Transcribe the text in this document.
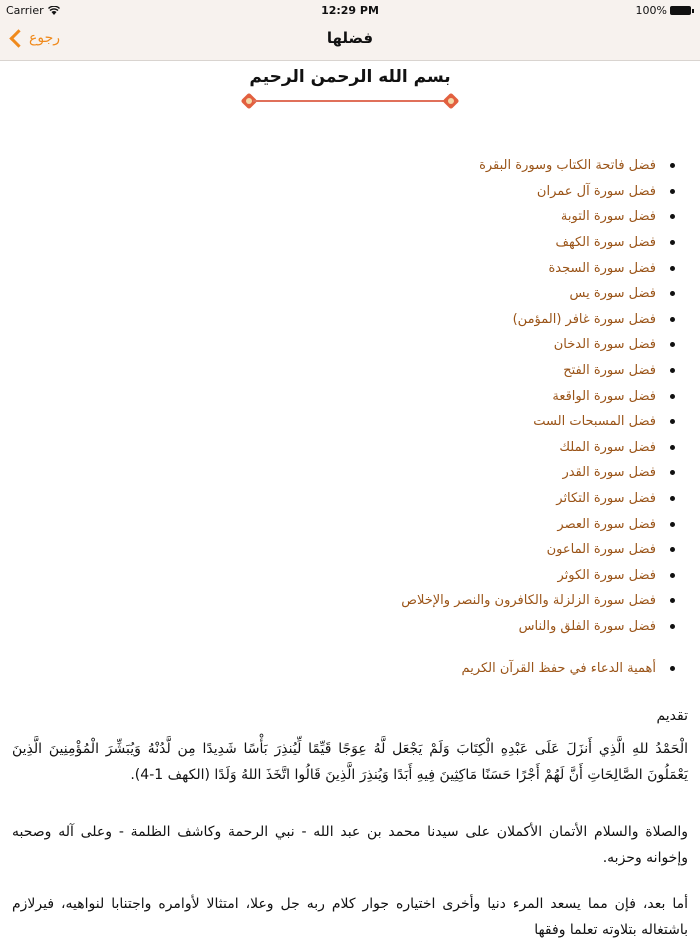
Carrier	12:29 PM	100%
رجوع	فضلها
بسم الله الرحمن الرحيم
فضل فاتحة الكتاب وسورة البقرة
فضل سورة آل عمران
فضل سورة التوبة
فضل سورة الكهف
فضل سورة السجدة
فضل سورة يس
فضل سورة غافر (المؤمن)
فضل سورة الدخان
فضل سورة الفتح
فضل سورة الواقعة
فضل المسبحات الست
فضل سورة الملك
فضل سورة القدر
فضل سورة التكاثر
فضل سورة العصر
فضل سورة الماعون
فضل سورة الكوثر
فضل سورة الزلزلة والكافرون والنصر والإخلاص
فضل سورة الفلق والناس
أهمية الدعاء في حفظ القرآن الكريم
تقديم
الْحَمْدُ للهِ الَّذِي أَنزَلَ عَلَى عَبْدِهِ الْكِتَابَ وَلَمْ يَجْعَل لَّهُ عِوَجًا قَيِّمًا لِّيُنذِرَ بَأْسًا شَدِيدًا مِن لَّدُنْهُ وَيُبَشِّرَ الْمُؤْمِنِينَ الَّذِينَ يَعْمَلُونَ الصَّالِحَاتِ أَنَّ لَهُمْ أَجْرًا حَسَنًا مَاكِثِينَ فِيهِ أَبَدًا وَيُنذِرَ الَّذِينَ قَالُوا اتَّخَذَ اللهُ وَلَدًا (الكهف 1-4).
والصلاة والسلام الأتمان الأكملان على سيدنا محمد بن عبد الله - نبي الرحمة وكاشف الظلمة - وعلى آله وصحبه وإخوانه وحزبه.
أما بعد، فإن مما يسعد المرء دنيا وأخرى اختياره جوار كلام ربه جل وعلا، امتثالا لأوامره واجتنابا لنواهيه، فيرلازم باشتغاله بتلاوته تعلما وفقها
